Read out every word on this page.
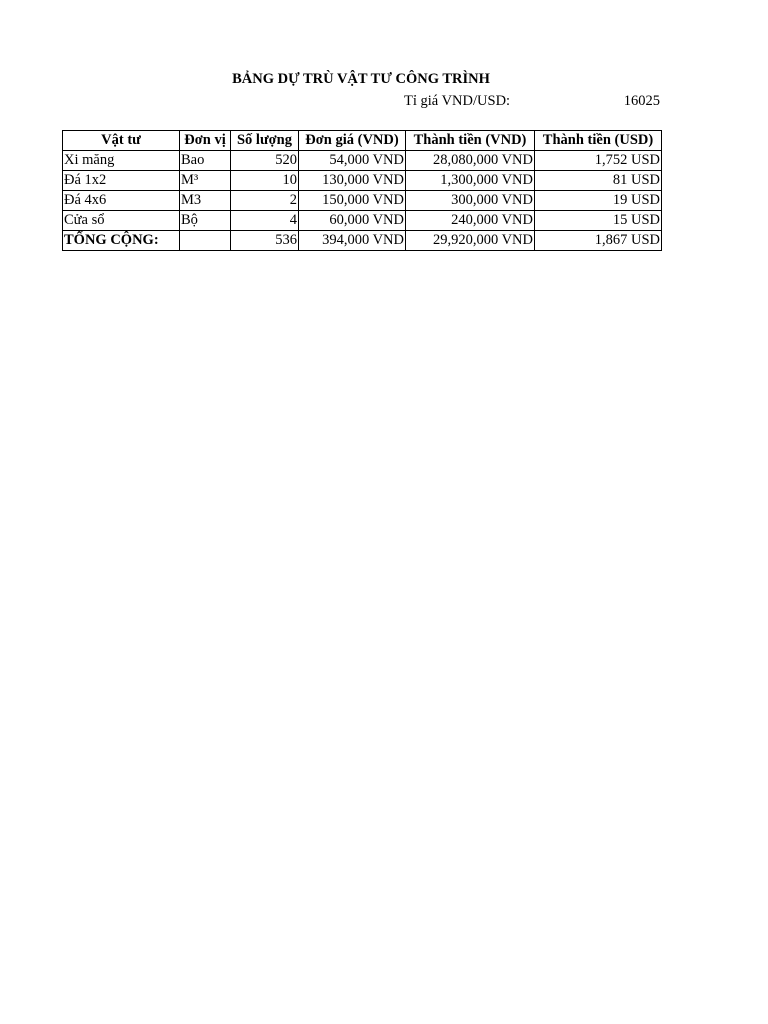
BẢNG DỰ TRÙ VẬT TƯ CÔNG TRÌNH
Tỉ giá VND/USD:	16025
Vật tư	Đơn vị	Số lượng	Đơn giá (VND)	Thành tiền (VND)	Thành tiền (USD)
Xi măng	Bao	520	54,000 VND	28,080,000 VND	1,752 USD
Đá 1x2	M³	10	130,000 VND	1,300,000 VND	81 USD
Đá 4x6	M3	2	150,000 VND	300,000 VND	19 USD
Cửa sổ	Bộ	4	60,000 VND	240,000 VND	15 USD
TỔNG CỘNG:		536	394,000 VND	29,920,000 VND	1,867 USD
